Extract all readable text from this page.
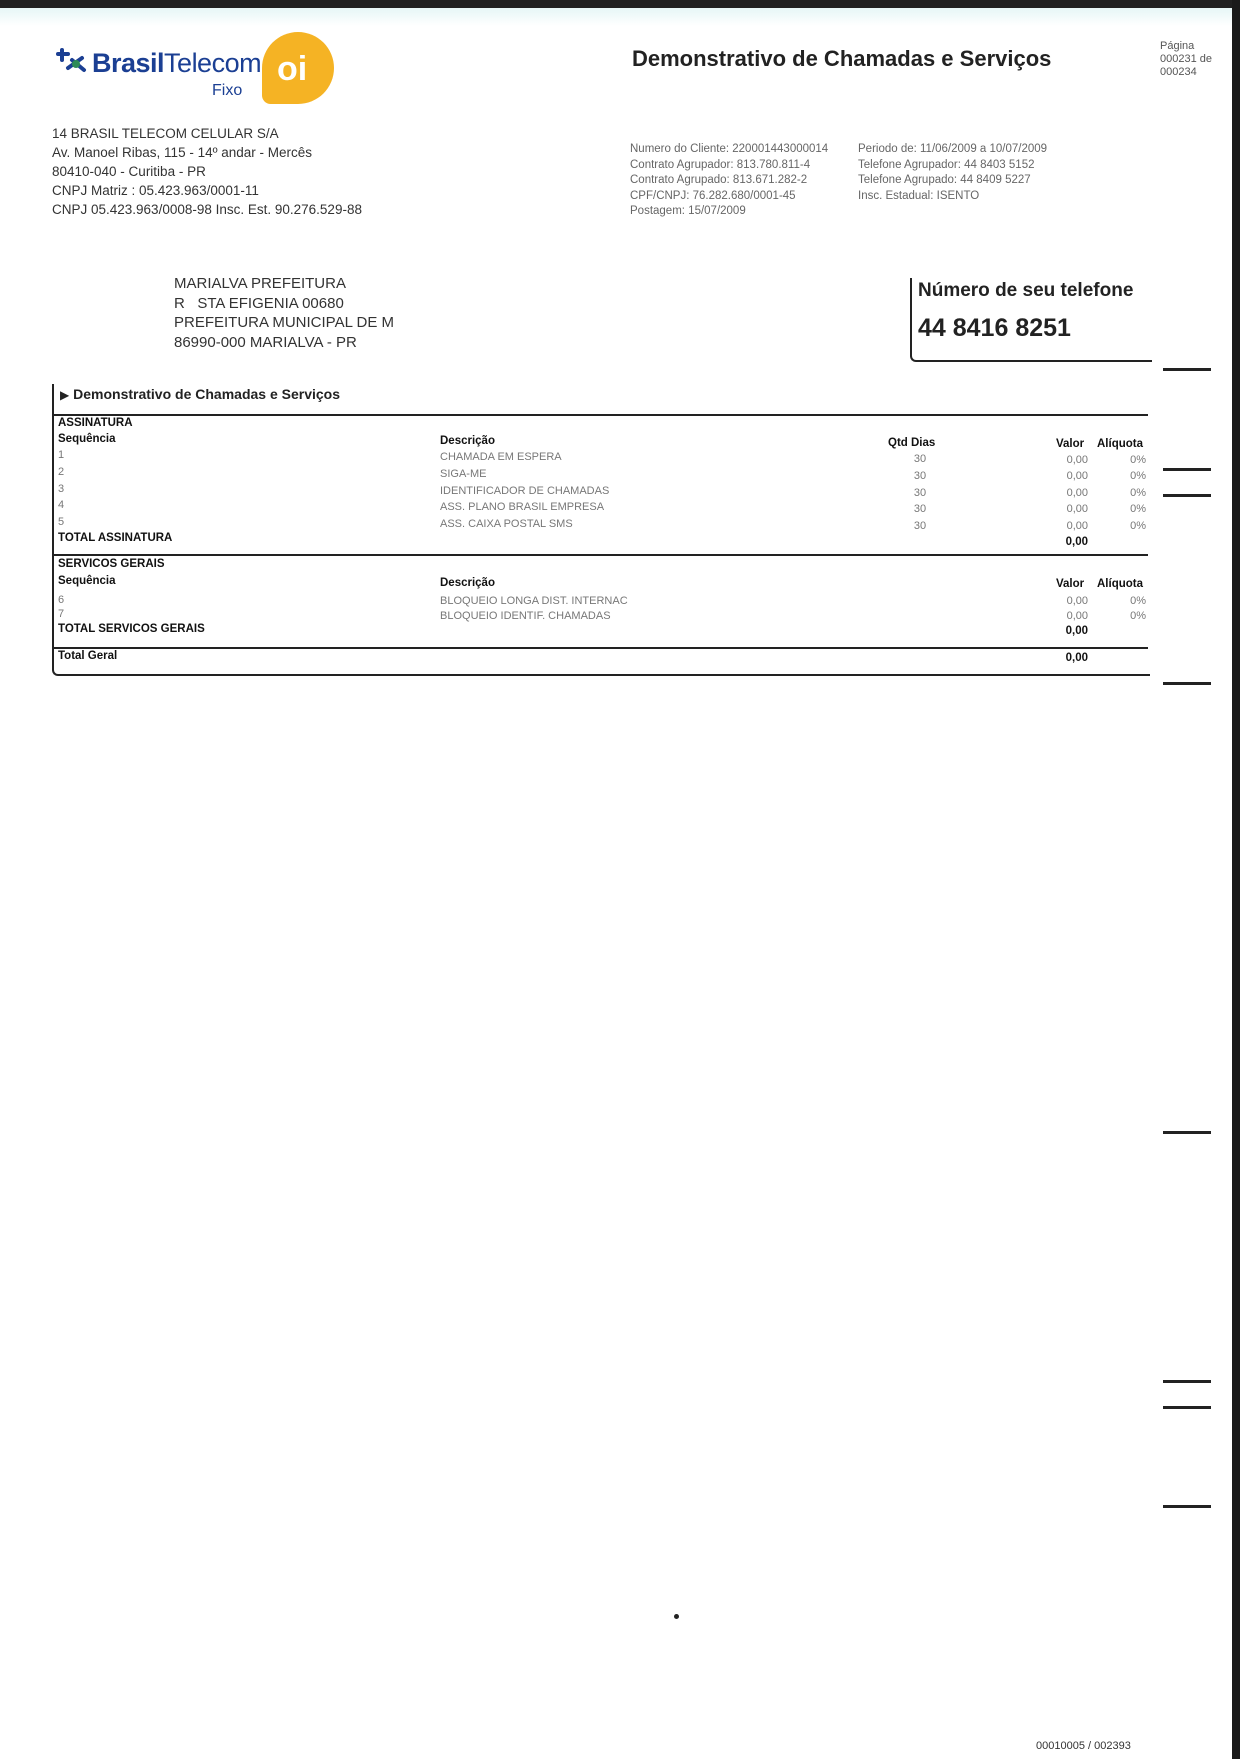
BrasilTelecom
Fixo
oi	Demonstrativo de Chamadas e Serviços	Página
000231 de 000234
14 BRASIL TELECOM CELULAR S/A
Av. Manoel Ribas, 115 - 14º andar - Mercês
80410-040 - Curitiba - PR
CNPJ Matriz : 05.423.963/0001-11
CNPJ 05.423.963/0008-98 Insc. Est. 90.276.529-88
Numero do Cliente: 220001443000014
Contrato Agrupador: 813.780.811-4
Contrato Agrupado: 813.671.282-2
CPF/CNPJ: 76.282.680/0001-45
Postagem: 15/07/2009
Periodo de: 11/06/2009 a 10/07/2009
Telefone Agrupador: 44 8403 5152
Telefone Agrupado: 44 8409 5227
Insc. Estadual: ISENTO
MARIALVA PREFEITURA
R   STA EFIGENIA 00680
PREFEITURA MUNICIPAL DE M
86990-000 MARIALVA - PR
Número de seu telefone
44 8416 8251
▶ Demonstrativo de Chamadas e Serviços
ASSINATURA
Sequência	Descrição	Qtd Dias	Valor Alíquota
1	CHAMADA EM ESPERA	30	0,00	0%
2	SIGA-ME	30	0,00	0%
3	IDENTIFICADOR DE CHAMADAS	30	0,00	0%
4	ASS. PLANO BRASIL EMPRESA	30	0,00	0%
5	ASS. CAIXA POSTAL SMS	30	0,00	0%
TOTAL ASSINATURA	0,00
SERVICOS GERAIS
Sequência	Descrição	Valor Alíquota
6	BLOQUEIO LONGA DIST. INTERNAC	0,00	0%
7	BLOQUEIO IDENTIF. CHAMADAS	0,00	0%
TOTAL SERVICOS GERAIS	0,00
Total Geral	0,00
00010005 / 002393
